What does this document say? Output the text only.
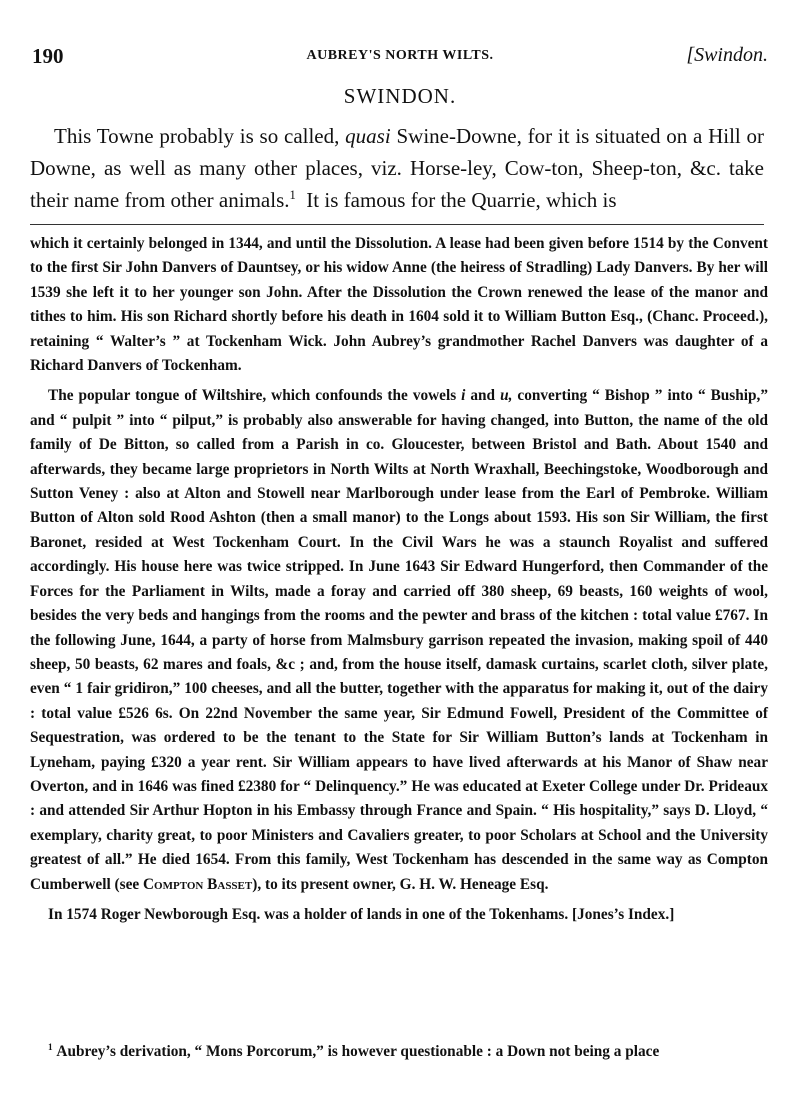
190	AUBREY'S NORTH WILTS.	[Swindon.
SWINDON.

This Towne probably is so called, quasi Swine-Downe, for it is situated on a Hill or Downe, as well as many other places, viz. Horse-ley, Cow-ton, Sheep-ton, &c. take their name from other animals.$^1$ It is famous for the Quarrie, which is

which it certainly belonged in 1344, and until the Dissolution. A lease had been given before 1514 by the Convent to the first Sir John Danvers of Dauntsey, or his widow Anne (the heiress of Stradling) Lady Danvers. By her will 1539 she left it to her younger son John. After the Dissolution the Crown renewed the lease of the manor and tithes to him. His son Richard shortly before his death in 1604 sold it to William Button Esq., (Chanc. Proceed.), retaining “ Walter’s ” at Tockenham Wick. John Aubrey’s grandmother Rachel Danvers was daughter of a Richard Danvers of Tockenham.

The popular tongue of Wiltshire, which confounds the vowels i and u, converting “ Bishop ” into “ Buship,” and “ pulpit ” into “ pilput,” is probably also answerable for having changed, into Button, the name of the old family of De Bitton, so called from a Parish in co. Gloucester, between Bristol and Bath. About 1540 and afterwards, they became large proprietors in North Wilts at North Wraxhall, Beechingstoke, Woodborough and Sutton Veney : also at Alton and Stowell near Marlborough under lease from the Earl of Pembroke. William Button of Alton sold Rood Ashton (then a small manor) to the Longs about 1593. His son Sir William, the first Baronet, resided at West Tockenham Court. In the Civil Wars he was a staunch Royalist and suffered accordingly. His house here was twice stripped. In June 1643 Sir Edward Hungerford, then Commander of the Forces for the Parliament in Wilts, made a foray and carried off 380 sheep, 69 beasts, 160 weights of wool, besides the very beds and hangings from the rooms and the pewter and brass of the kitchen : total value £767. In the following June, 1644, a party of horse from Malmsbury garrison repeated the invasion, making spoil of 440 sheep, 50 beasts, 62 mares and foals, &c ; and, from the house itself, damask curtains, scarlet cloth, silver plate, even “ 1 fair gridiron,” 100 cheeses, and all the butter, together with the apparatus for making it, out of the dairy : total value £526 6s. On 22nd November the same year, Sir Edmund Fowell, President of the Committee of Sequestration, was ordered to be the tenant to the State for Sir William Button’s lands at Tockenham in Lyneham, paying £320 a year rent. Sir William appears to have lived afterwards at his Manor of Shaw near Overton, and in 1646 was fined £2380 for “ Delinquency.” He was educated at Exeter College under Dr. Prideaux : and attended Sir Arthur Hopton in his Embassy through France and Spain. “ His hospitality,” says D. Lloyd, “ exemplary, charity great, to poor Ministers and Cavaliers greater, to poor Scholars at School and the University greatest of all.” He died 1654. From this family, West Tockenham has descended in the same way as Compton Cumberwell (see Compton Basset), to its present owner, G. H. W. Heneage Esq.

In 1574 Roger Newborough Esq. was a holder of lands in one of the Tokenhams. [Jones’s Index.]

$^1$ Aubrey’s derivation, “ Mons Porcorum,” is however questionable : a Down not being a place
